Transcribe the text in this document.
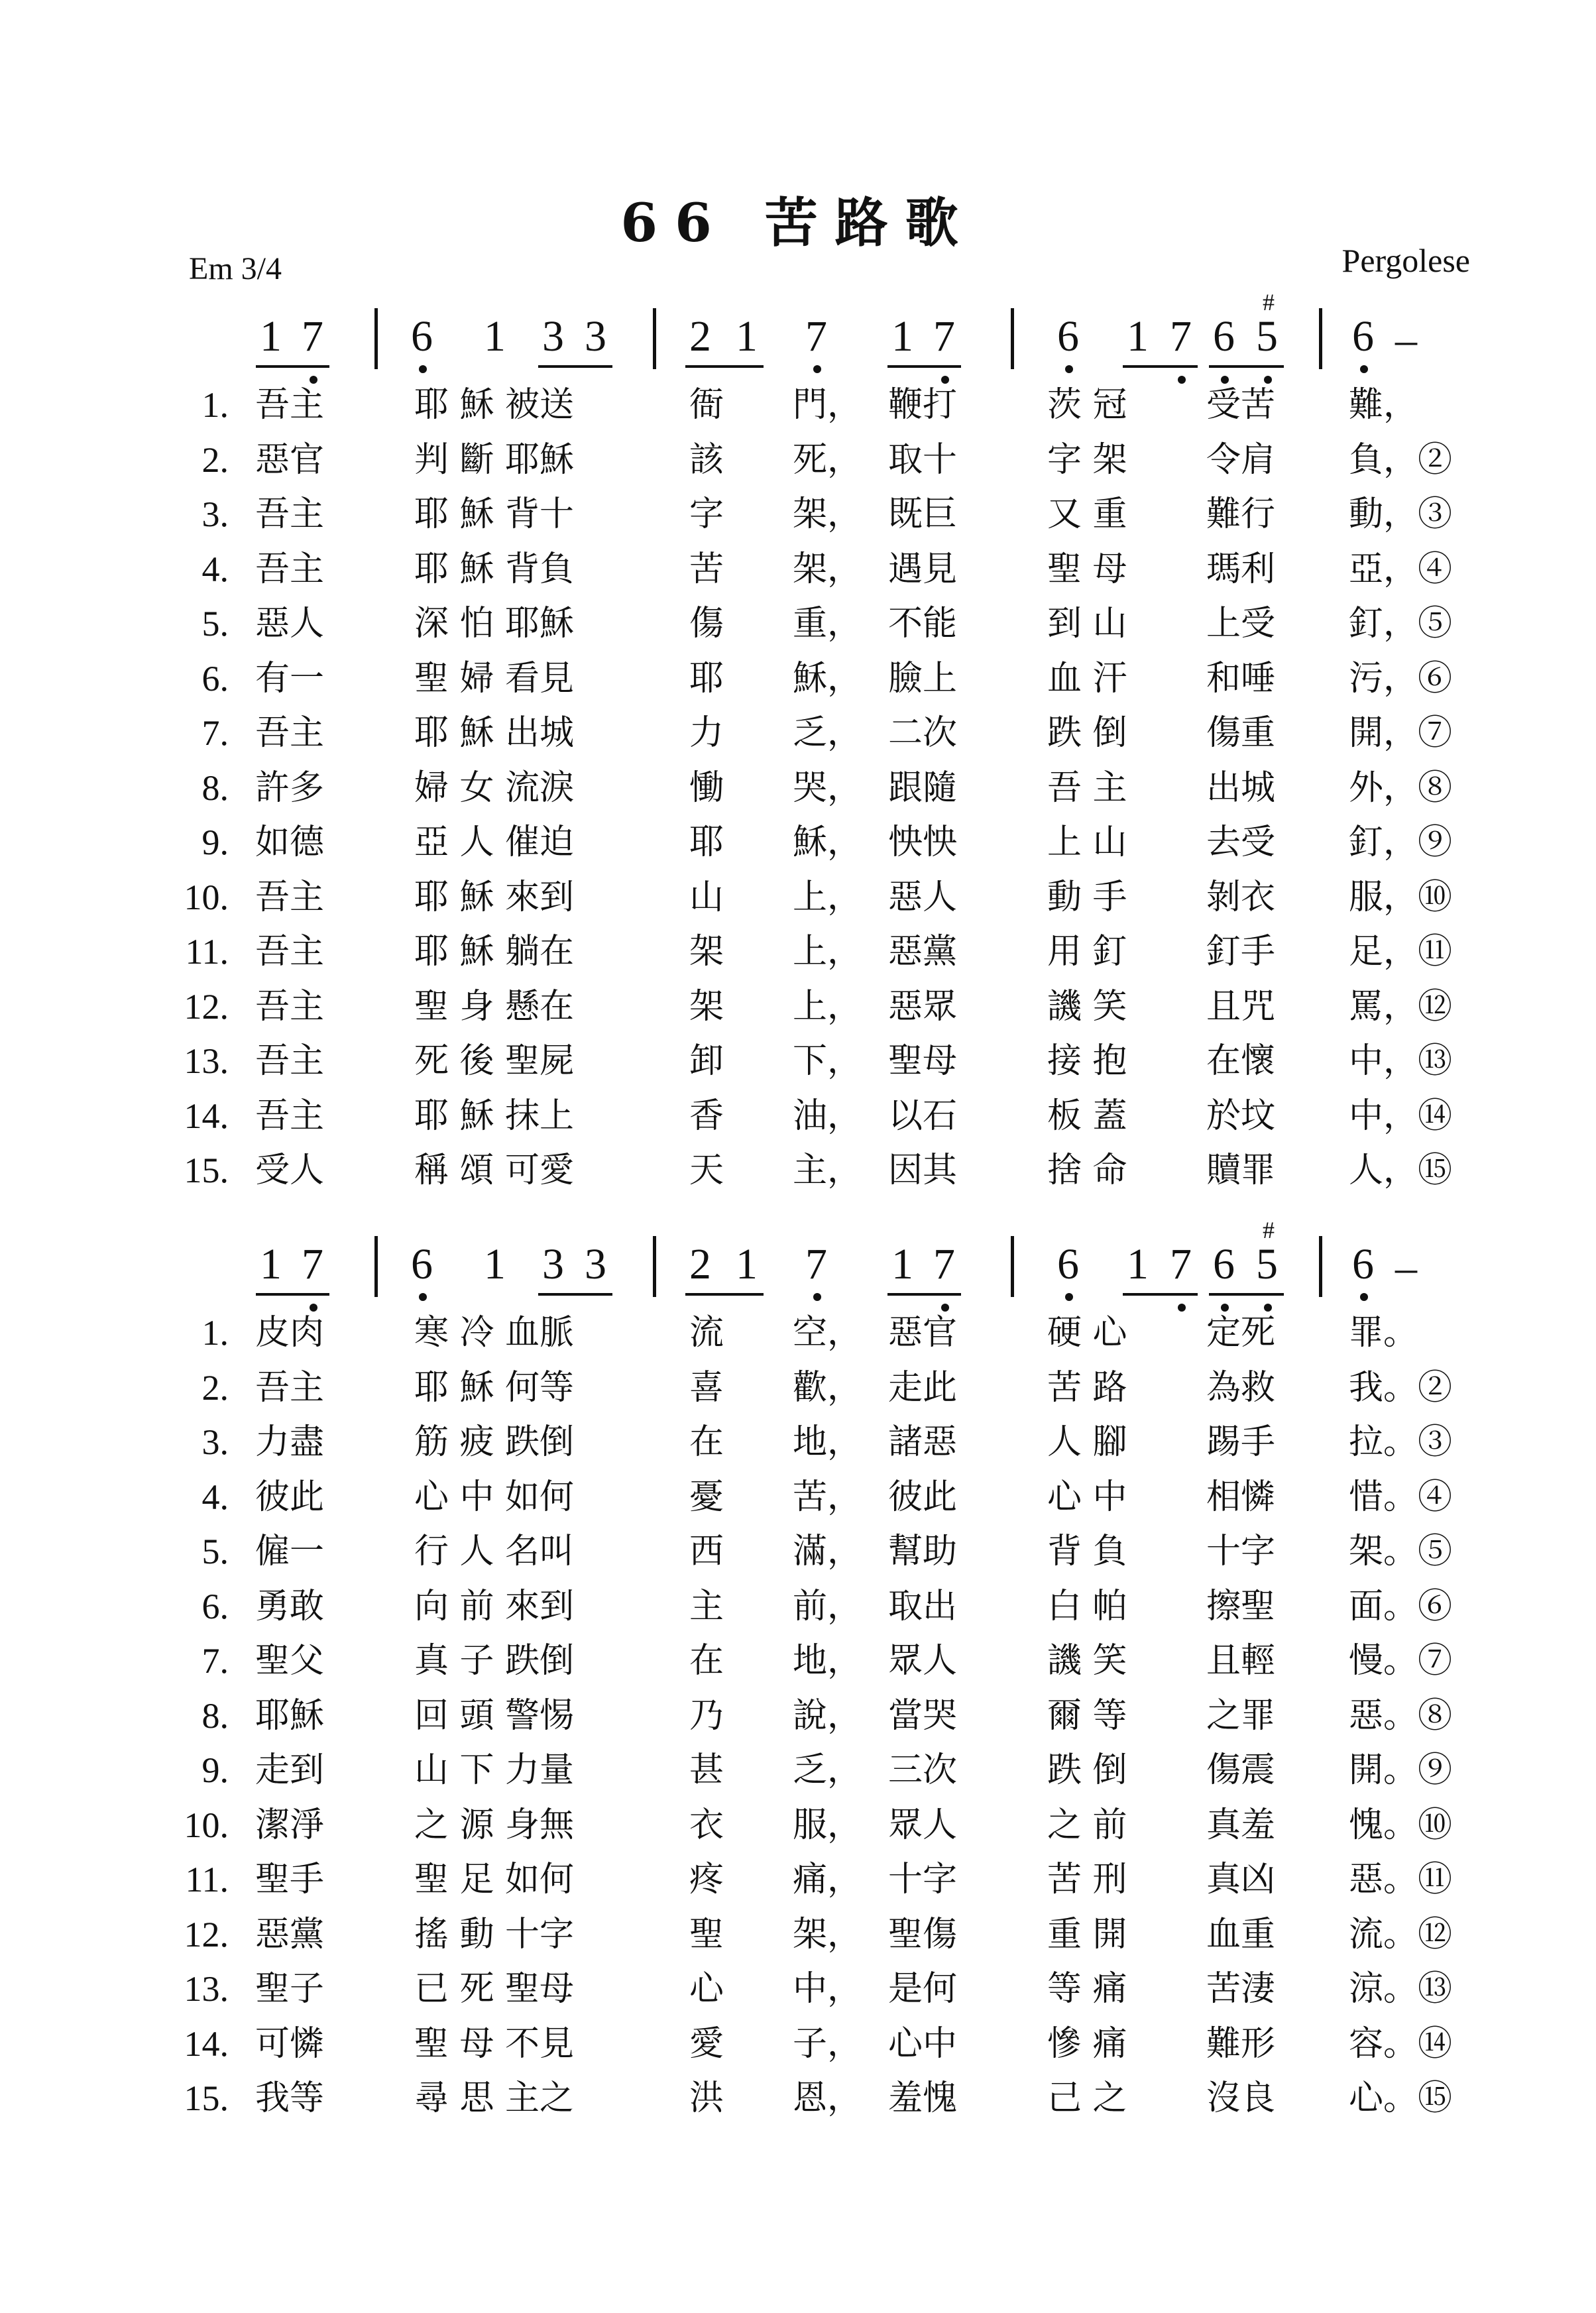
66 苦路歌
Em 3/4	Pergolese
1 7 6 1 3 3 2 1 7 1 7 6 1 7 6 5
#
6 –
1. 吾主	耶 穌 被送	衙　　門， 鞭打	茨 冠 受苦 難，
2. 惡官	判 斷 耶穌	該　　死， 取十	字 架 令肩 負，②
3. 吾主	耶 穌 背十	字　　架， 既巨	又 重 難行 動，③
4. 吾主	耶 穌 背負	苦　　架， 遇見	聖 母 瑪利 亞，④
5. 惡人	深 怕 耶穌	傷　　重， 不能	到 山 上受 釘，⑤
6. 有一	聖 婦 看見	耶　　穌， 臉上	血 汗 和唾 污，⑥
7. 吾主	耶 穌 出城	力　　乏， 二次	跌 倒 傷重 開，⑦
8. 許多	婦 女 流淚	慟　　哭， 跟隨	吾 主 出城 外，⑧
9. 如德	亞 人 催迫	耶　　穌， 怏怏	上 山 去受 釘，⑨
10. 吾主	耶 穌 來到	山　　上， 惡人	動 手 剝衣 服，⑩
11. 吾主	耶 穌 躺在	架　　上， 惡黨	用 釘 釘手 足，⑪
12. 吾主	聖 身 懸在	架　　上， 惡眾	譏 笑 且咒 罵，⑫
13. 吾主	死 後 聖屍	卸　　下， 聖母	接 抱 在懷 中，⑬
14. 吾主	耶 穌 抹上	香　　油， 以石	板 蓋 於坟 中，⑭
15. 受人	稱 頌 可愛	天　　主， 因其	捨 命 贖罪 人，⑮
1 7 6 1 3 3 2 1 7 1 7 6 1 7 6 5
#
6 –
1. 皮肉	寒 冷 血脈	流　　空， 惡官	硬 心 定死 罪。
2. 吾主	耶 穌 何等	喜　　歡， 走此	苦 路 為救 我。②
3. 力盡	筋 疲 跌倒	在　　地， 諸惡	人 腳 踢手 拉。③
4. 彼此	心 中 如何	憂　　苦， 彼此	心 中 相憐 惜。④
5. 僱一	行 人 名叫	西　　滿， 幫助	背 負 十字 架。⑤
6. 勇敢	向 前 來到	主　　前， 取出	白 帕 擦聖 面。⑥
7. 聖父	真 子 跌倒	在　　地， 眾人	譏 笑 且輕 慢。⑦
8. 耶穌	回 頭 警惕	乃　　說， 當哭	爾 等 之罪 惡。⑧
9. 走到	山 下 力量	甚　　乏， 三次	跌 倒 傷震 開。⑨
10. 潔淨	之 源 身無	衣　　服， 眾人	之 前 真羞 愧。⑩
11. 聖手	聖 足 如何	疼　　痛， 十字	苦 刑 真凶 惡。⑪
12. 惡黨	搖 動 十字	聖　　架， 聖傷	重 開 血重 流。⑫
13. 聖子	已 死 聖母	心　　中， 是何	等 痛 苦淒 涼。⑬
14. 可憐	聖 母 不見	愛　　子， 心中	慘 痛 難形 容。⑭
15. 我等	尋 思 主之	洪　　恩， 羞愧	己 之 沒良 心。⑮
